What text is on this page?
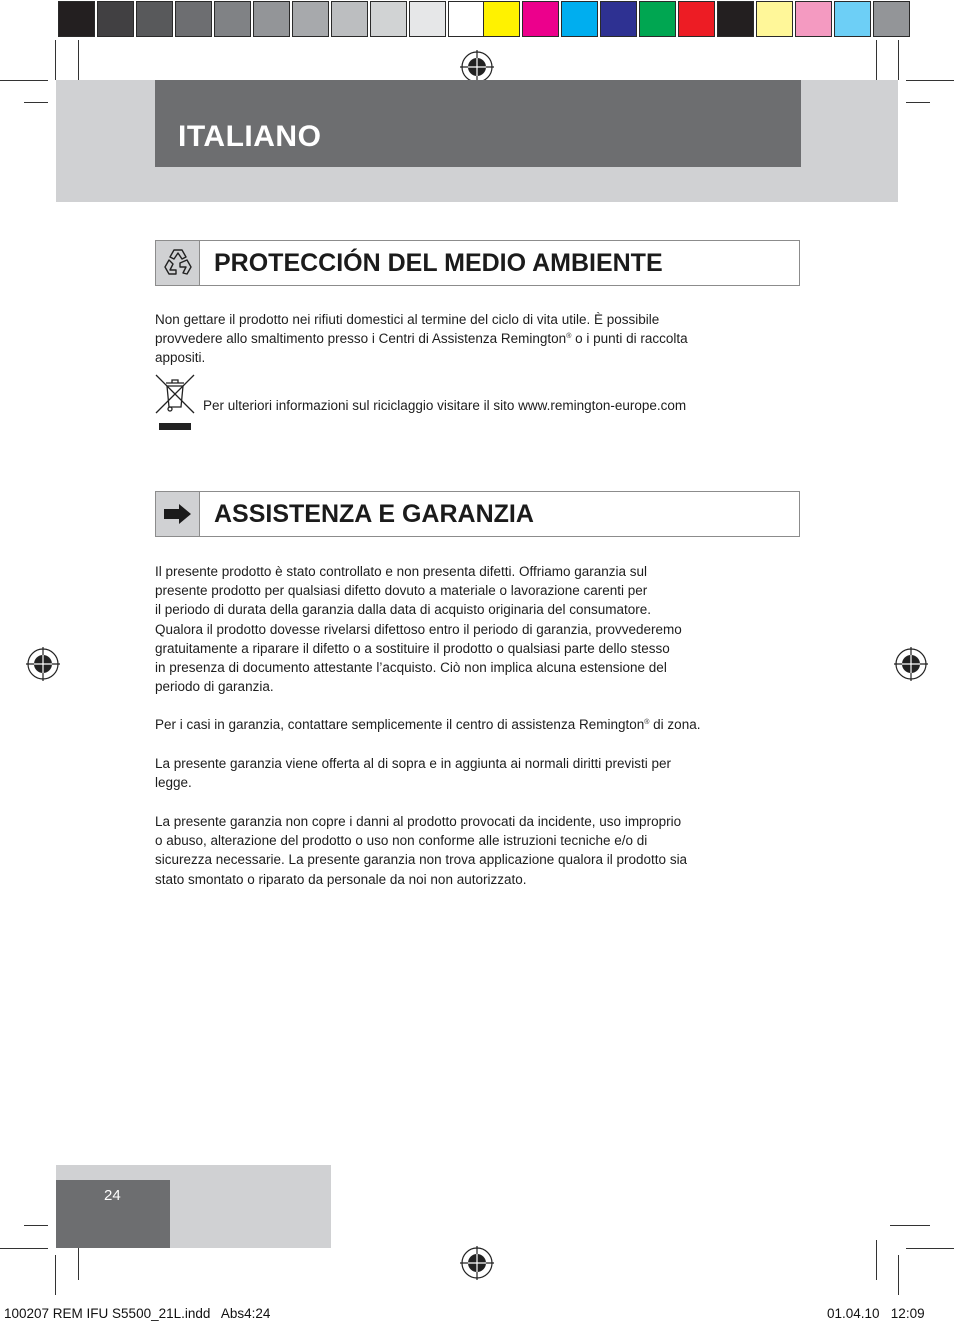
ITALIANO
PROTECCIÓN DEL MEDIO AMBIENTE
Non gettare il prodotto nei rifiuti domestici al termine del ciclo di vita utile. È possibile
provvedere allo smaltimento presso i Centri di Assistenza Remington® o i punti di raccolta
appositi.
Per ulteriori informazioni sul riciclaggio visitare il sito www.remington-europe.com
ASSISTENZA E GARANZIA
Il presente prodotto è stato controllato e non presenta difetti. Offriamo garanzia sul
presente prodotto per qualsiasi difetto dovuto a materiale o lavorazione carenti per
il periodo di durata della garanzia dalla data di acquisto originaria del consumatore.
Qualora il prodotto dovesse rivelarsi difettoso entro il periodo di garanzia, provvederemo
gratuitamente a riparare il difetto o a sostituire il prodotto o qualsiasi parte dello stesso
in presenza di documento attestante l’acquisto. Ciò non implica alcuna estensione del
periodo di garanzia.
Per i casi in garanzia, contattare semplicemente il centro di assistenza Remington® di zona.
La presente garanzia viene offerta al di sopra e in aggiunta ai normali diritti previsti per
legge.
La presente garanzia non copre i danni al prodotto provocati da incidente, uso improprio
o abuso, alterazione del prodotto o uso non conforme alle istruzioni tecniche e/o di
sicurezza necessarie. La presente garanzia non trova applicazione qualora il prodotto sia
stato smontato o riparato da personale da noi non autorizzato.
24
100207 REM IFU S5500_21L.indd   Abs4:24	01.04.10   12:09
